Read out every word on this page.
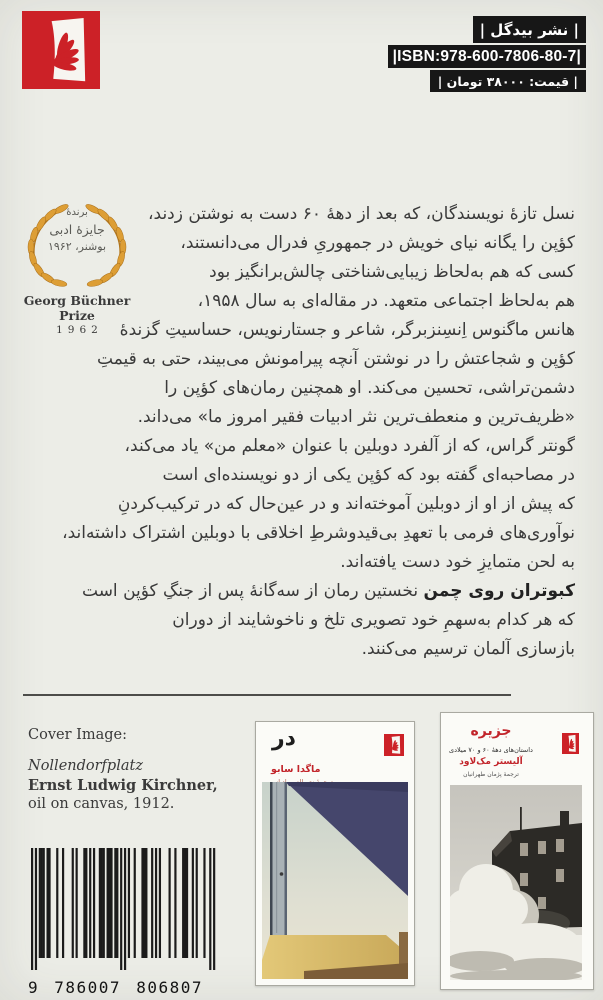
| نشر بیدگل |
|ISBN:978-600-7806-80-7|
| قیمت: ۳۸۰۰۰ تومان |
برندهٔ
جایزهٔ ادبی
بوشنر، ۱۹۶۲
Georg Büchner Prize
1962
نسل تازهٔ نویسندگان، که بعد از دههٔ ۶۰ دست به نوشتن زدند،
کؤپن را یگانه نیای خویش در جمهوریِ فدرال می‌دانستند،
کسی که هم به‌لحاظ زیبایی‌شناختی چالش‌برانگیز بود
هم به‌لحاظ اجتماعی متعهد. در مقاله‌ای به سال ۱۹۵۸،
هانس ماگنوس اِنسِنزبرگر، شاعر و جستارنویس، حساسیتِ گزندهٔ
کؤپن و شجاعتش را در نوشتن آنچه پیرامونش می‌بیند، حتی به قیمتِ
دشمن‌تراشی، تحسین می‌کند. او همچنین رمان‌های کؤپن را
«ظریف‌ترین و منعطف‌ترین نثر ادبیات فقیر امروز ما» می‌داند.
گونتر گراس، که از آلفرد دوبلین با عنوان «معلم من» یاد می‌کند،
در مصاحبه‌ای گفته بود که کؤپن یکی از دو نویسنده‌ای است
که پیش از او از دوبلین آموخته‌اند و در عین‌حال که در ترکیب‌کردنِ
نوآوری‌های فرمی با تعهدِ بی‌قیدوشرطِ اخلاقی با دوبلین اشتراک داشته‌اند،
به لحن متمایزِ خود دست یافته‌اند.
کبوتران روی چمن نخستین رمان از سه‌گانهٔ پس از جنگِ کؤپن است
که هر کدام به‌سهمِ خود تصویری تلخ و ناخوشایند از دوران
بازسازی آلمان ترسیم می‌کنند.
Cover Image:
Nollendorfplatz
Ernst Ludwig Kirchner,
oil on canvas, 1912.
در
ماگدا سابو
جزیره
داستان‌های دههٔ ۶۰ و ۷۰ میلادی
آلیستر مک‌لاود
ترجمهٔ پژمان طهرانیان
9 786007 806807
